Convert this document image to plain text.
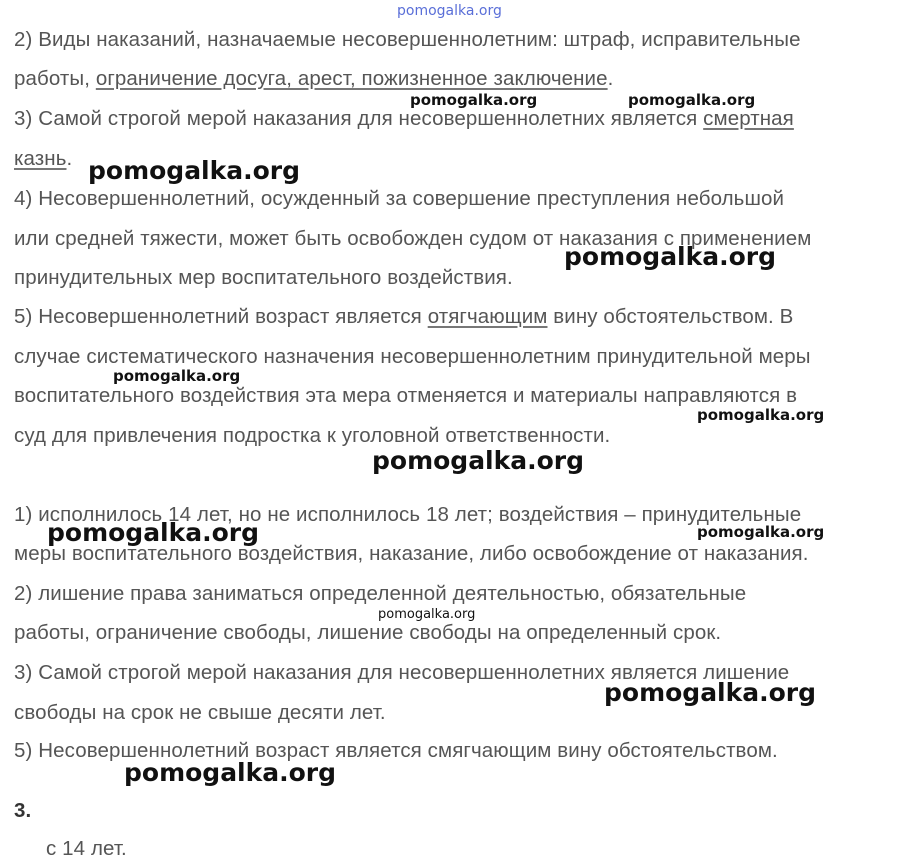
pomogalka.org
2) Виды наказаний, назначаемые несовершеннолетним: штраф, исправительные
работы, ограничение досуга, арест, пожизненное заключение.
3) Самой строгой мерой наказания для несовершеннолетних является смертная
казнь.
4) Несовершеннолетний, осужденный за совершение преступления небольшой
или средней тяжести, может быть освобожден судом от наказания с применением
принудительных мер воспитательного воздействия.
5) Несовершеннолетний возраст является отягчающим вину обстоятельством. В
случае систематического назначения несовершеннолетним принудительной меры
воспитательного воздействия эта мера отменяется и материалы направляются в
суд для привлечения подростка к уголовной ответственности.
1) исполнилось 14 лет, но не исполнилось 18 лет; воздействия – принудительные
меры воспитательного воздействия, наказание, либо освобождение от наказания.
2) лишение права заниматься определенной деятельностью, обязательные
работы, ограничение свободы, лишение свободы на определенный срок.
3) Самой строгой мерой наказания для несовершеннолетних является лишение
свободы на срок не свыше десяти лет.
5) Несовершеннолетний возраст является смягчающим вину обстоятельством.
3.
с 14 лет.
pomogalka.org	pomogalka.org
pomogalka.org
pomogalka.org
pomogalka.org
pomogalka.org
pomogalka.org
pomogalka.org	pomogalka.org
pomogalka.org
pomogalka.org
pomogalka.org
